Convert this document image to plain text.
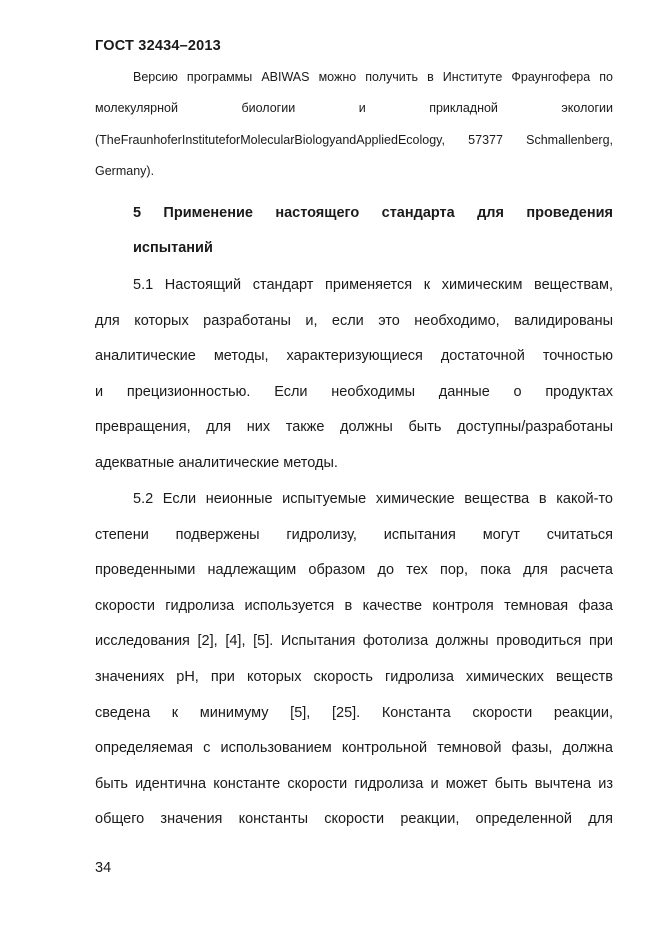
ГОСТ 32434–2013
Версию программы ABIWAS можно получить в Институте Фраунгофера по
молекулярной биологии и прикладной экологии
(TheFraunhoferInstituteforMolecularBiologyandAppliedEcology, 57377 Schmallenberg,
Germany).
5 Применение настоящего стандарта для проведения
испытаний
5.1 Настоящий стандарт применяется к химическим веществам,
для которых разработаны и, если это необходимо, валидированы
аналитические методы, характеризующиеся достаточной точностью
и прецизионностью. Если необходимы данные о продуктах
превращения, для них также должны быть доступны/разработаны
адекватные аналитические методы.
5.2 Если неионные испытуемые химические вещества в какой-то
степени подвержены гидролизу, испытания могут считаться
проведенными надлежащим образом до тех пор, пока для расчета
скорости гидролиза используется в качестве контроля темновая фаза
исследования [2], [4], [5]. Испытания фотолиза должны проводиться при
значениях pH, при которых скорость гидролиза химических веществ
сведена к минимуму [5], [25]. Константа скорости реакции,
определяемая с использованием контрольной темновой фазы, должна
быть идентична константе скорости гидролиза и может быть вычтена из
общего значения константы скорости реакции, определенной для
34
